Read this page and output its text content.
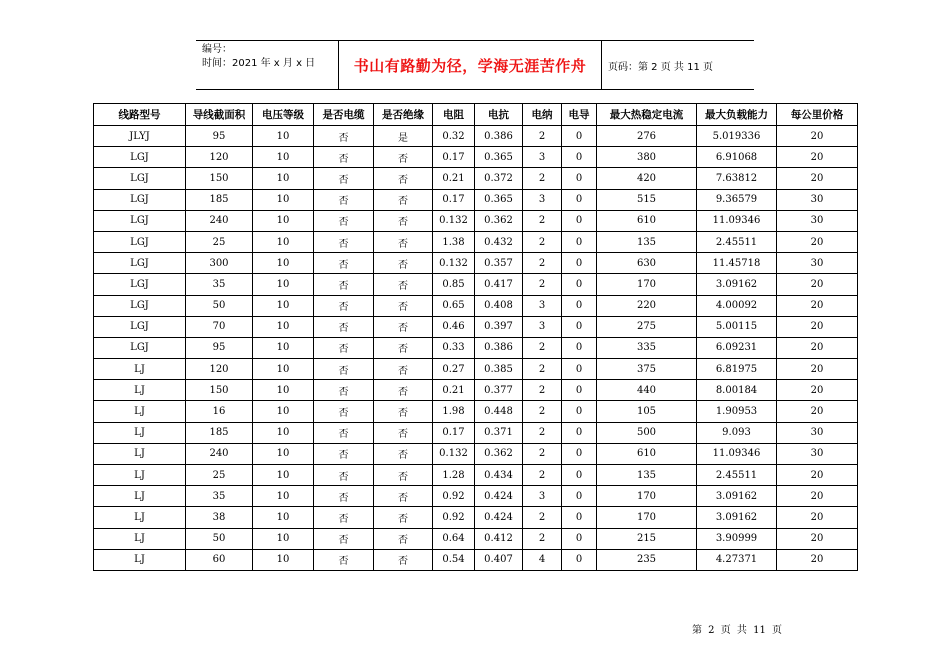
编号：
时间：2021 年 x 月 x 日	书山有路勤为径，学海无涯苦作舟	页码：第 2 页 共 11 页
线路型号	导线截面积	电压等级	是否电缆	是否绝缘	电阻	电抗	电纳	电导	最大热稳定电流	最大负载能力	每公里价格
JLYJ	95	10	否	是	0.32	0.386	2	0	276	5.019336	20
LGJ	120	10	否	否	0.17	0.365	3	0	380	6.91068	20
LGJ	150	10	否	否	0.21	0.372	2	0	420	7.63812	20
LGJ	185	10	否	否	0.17	0.365	3	0	515	9.36579	30
LGJ	240	10	否	否	0.132	0.362	2	0	610	11.09346	30
LGJ	25	10	否	否	1.38	0.432	2	0	135	2.45511	20
LGJ	300	10	否	否	0.132	0.357	2	0	630	11.45718	30
LGJ	35	10	否	否	0.85	0.417	2	0	170	3.09162	20
LGJ	50	10	否	否	0.65	0.408	3	0	220	4.00092	20
LGJ	70	10	否	否	0.46	0.397	3	0	275	5.00115	20
LGJ	95	10	否	否	0.33	0.386	2	0	335	6.09231	20
LJ	120	10	否	否	0.27	0.385	2	0	375	6.81975	20
LJ	150	10	否	否	0.21	0.377	2	0	440	8.00184	20
LJ	16	10	否	否	1.98	0.448	2	0	105	1.90953	20
LJ	185	10	否	否	0.17	0.371	2	0	500	9.093	30
LJ	240	10	否	否	0.132	0.362	2	0	610	11.09346	30
LJ	25	10	否	否	1.28	0.434	2	0	135	2.45511	20
LJ	35	10	否	否	0.92	0.424	3	0	170	3.09162	20
LJ	38	10	否	否	0.92	0.424	2	0	170	3.09162	20
LJ	50	10	否	否	0.64	0.412	2	0	215	3.90999	20
LJ	60	10	否	否	0.54	0.407	4	0	235	4.27371	20
第 2 页 共 11 页
